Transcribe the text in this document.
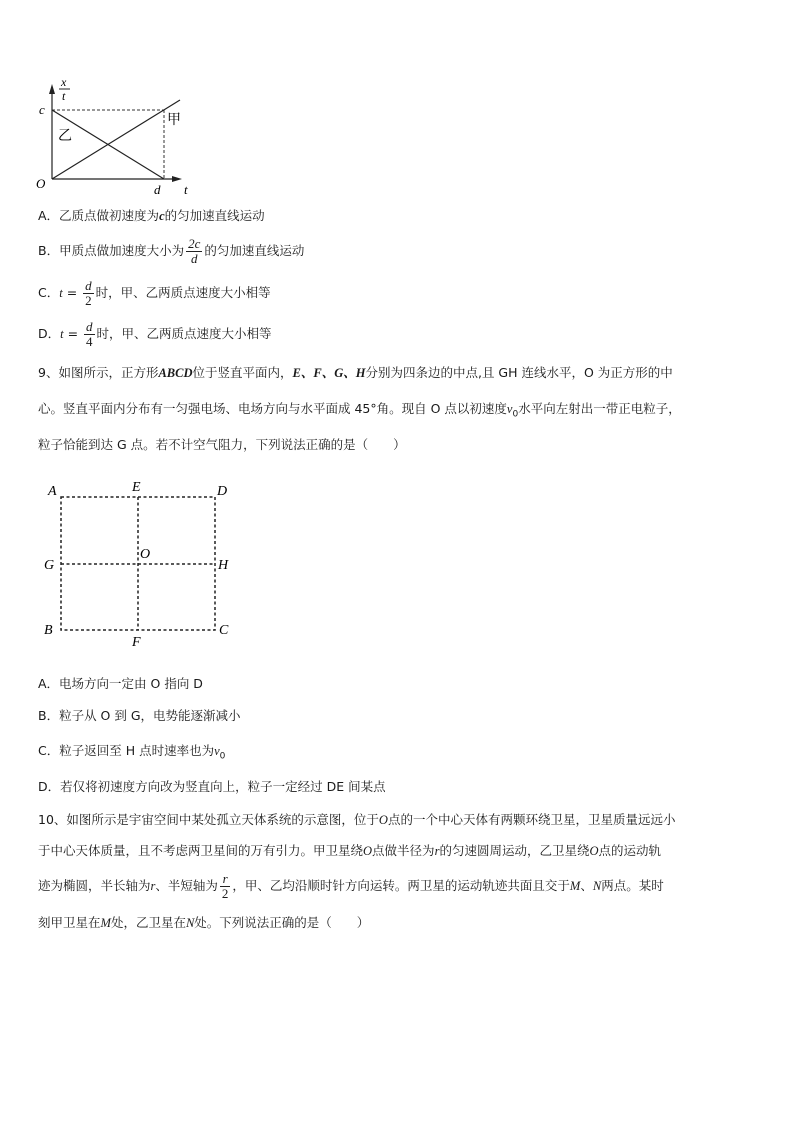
x
t
c
O	d t
甲
乙
A．乙质点做初速度为c的匀加速直线运动
B．甲质点做加速度大小为 $\frac{2c}{d}$ 的匀加速直线运动
C．$t = \frac{d}{2}$ 时，甲、乙两质点速度大小相等
D．$t = \frac{d}{4}$ 时，甲、乙两质点速度大小相等
9、如图所示，正方形ABCD位于竖直平面内，E、F、G、H分别为四条边的中点,且 GH 连线水平，O 为正方形的中
心。竖直平面内分布有一匀强电场、电场方向与水平面成 45°角。现自 O 点以初速度$v_0$水平向左射出一带正电粒子，
粒子恰能到达 G 点。若不计空气阻力，下列说法正确的是（　　）
A	E	D
G
O
H
B
F
C
A．电场方向一定由 O 指向 D
B．粒子从 O 到 G，电势能逐渐减小
C．粒子返回至 H 点时速率也为$v_0$
D．若仅将初速度方向改为竖直向上，粒子一定经过 DE 间某点
10、如图所示是宇宙空间中某处孤立天体系统的示意图，位于O点的一个中心天体有两颗环绕卫星，卫星质量远远小
于中心天体质量，且不考虑两卫星间的万有引力。甲卫星绕O点做半径为r的匀速圆周运动，乙卫星绕O点的运动轨
迹为椭圆，半长轴为r、半短轴为 $\frac{r}{2}$ ，甲、乙均沿顺时针方向运转。两卫星的运动轨迹共面且交于M、N两点。某时
刻甲卫星在M处，乙卫星在N处。下列说法正确的是（　　）
